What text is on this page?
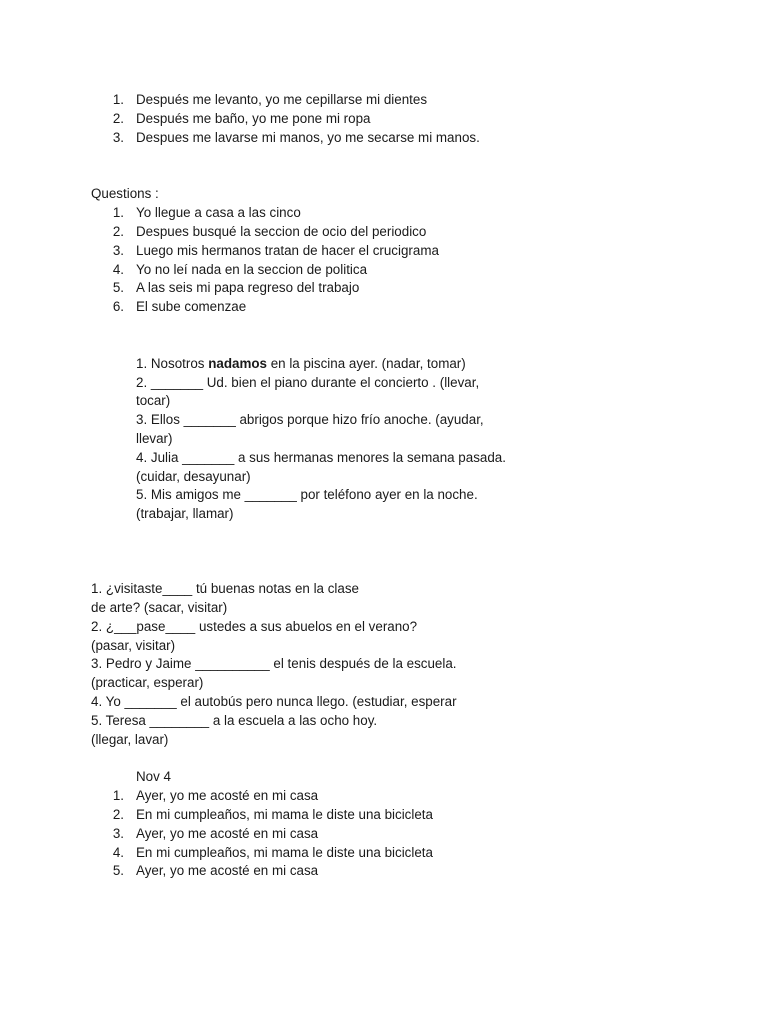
1. Después me levanto, yo me cepillarse mi dientes
2. Después me baño, yo me pone mi ropa
3. Despues me lavarse mi manos, yo me secarse mi manos.
Questions :
1. Yo llegue a casa a las cinco
2. Despues busqué la seccion de ocio del periodico
3. Luego mis hermanos tratan de hacer el crucigrama
4. Yo no leí nada en la seccion de politica
5. A las seis mi papa regreso del trabajo
6. El sube comenzae
1. Nosotros nadamos en la piscina ayer. (nadar, tomar)
2. _______ Ud. bien el piano durante el concierto . (llevar,
tocar)
3. Ellos _______ abrigos porque hizo frío anoche. (ayudar,
llevar)
4. Julia _______ a sus hermanas menores la semana pasada.
(cuidar, desayunar)
5. Mis amigos me _______ por teléfono ayer en la noche.
(trabajar, llamar)
1. ¿visitaste____ tú buenas notas en la clase
de arte? (sacar, visitar)
2. ¿___pase____ ustedes a sus abuelos en el verano?
(pasar, visitar)
3. Pedro y Jaime __________ el tenis después de la escuela.
(practicar, esperar)
4. Yo _______ el autobús pero nunca llego. (estudiar, esperar
5. Teresa ________ a la escuela a las ocho hoy.
(llegar, lavar)
Nov 4
1. Ayer, yo me acosté en mi casa
2. En mi cumpleaños, mi mama le diste una bicicleta
3. Ayer, yo me acosté en mi casa
4. En mi cumpleaños, mi mama le diste una bicicleta
5. Ayer, yo me acosté en mi casa
